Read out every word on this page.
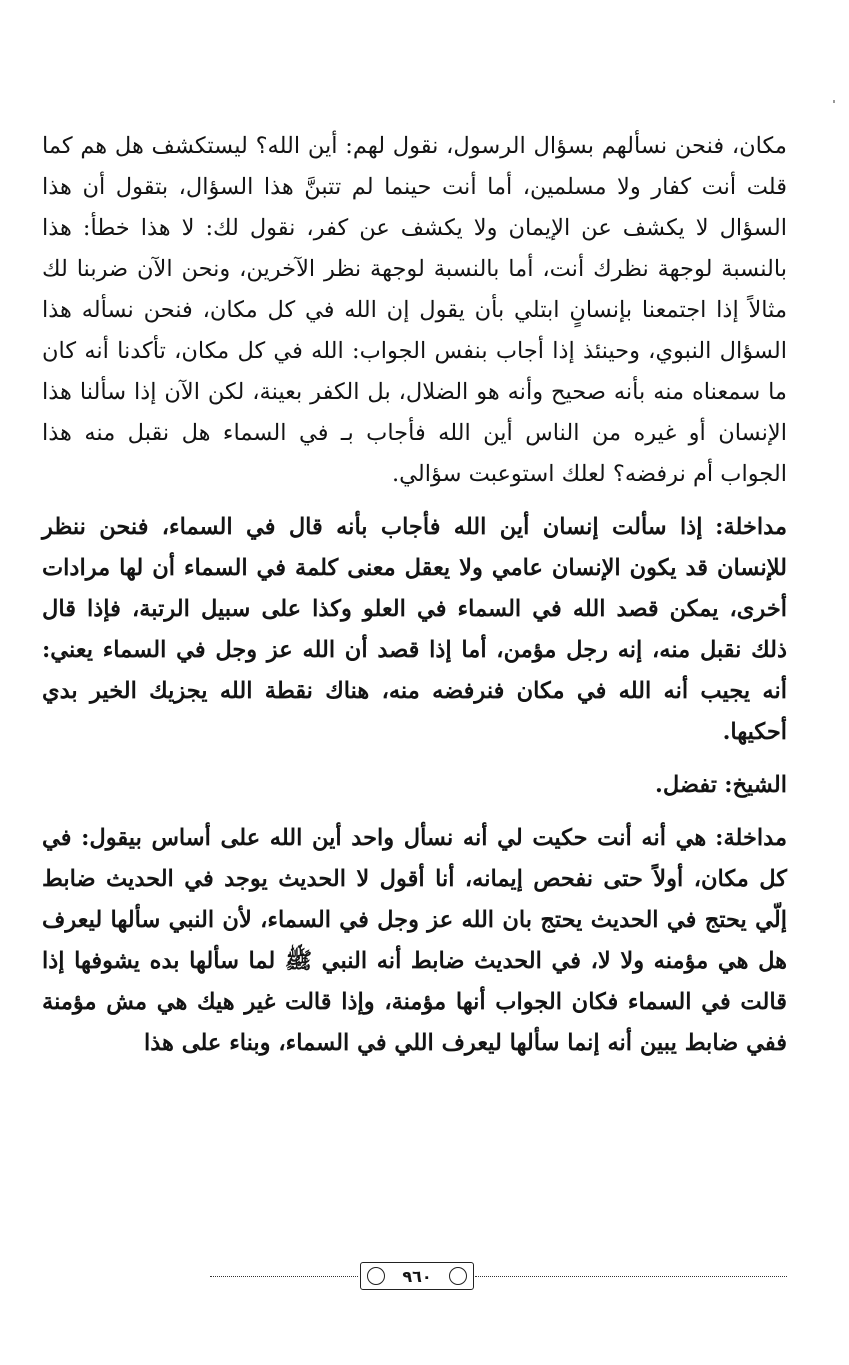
مكان، فنحن نسألهم بسؤال الرسول، نقول لهم: أين الله؟ ليستكشف هل هم كما قلت أنت كفار ولا مسلمين، أما أنت حينما لم تتبنَّ هذا السؤال، بتقول أن هذا السؤال لا يكشف عن الإيمان ولا يكشف عن كفر، نقول لك: لا هذا خطأ: هذا بالنسبة لوجهة نظرك أنت، أما بالنسبة لوجهة نظر الآخرين، ونحن الآن ضربنا لك مثالاً إذا اجتمعنا بإنسانٍ ابتلي بأن يقول إن الله في كل مكان، فنحن نسأله هذا السؤال النبوي، وحينئذ إذا أجاب بنفس الجواب: الله في كل مكان، تأكدنا أنه كان ما سمعناه منه بأنه صحيح وأنه هو الضلال، بل الكفر بعينة، لكن الآن إذا سألنا هذا الإنسان أو غيره من الناس أين الله فأجاب بـ في السماء هل نقبل منه هذا الجواب أم نرفضه؟ لعلك استوعبت سؤالي.

مداخلة: إذا سألت إنسان أين الله فأجاب بأنه قال في السماء، فنحن ننظر للإنسان قد يكون الإنسان عامي ولا يعقل معنى كلمة في السماء أن لها مرادات أخرى، يمكن قصد الله في السماء في العلو وكذا على سبيل الرتبة، فإذا قال ذلك نقبل منه، إنه رجل مؤمن، أما إذا قصد أن الله عز وجل في السماء يعني: أنه يجيب أنه الله في مكان فنرفضه منه، هناك نقطة الله يجزيك الخير بدي أحكيها.

الشيخ: تفضل.

مداخلة: هي أنه أنت حكيت لي أنه نسأل واحد أين الله على أساس بيقول: في كل مكان، أولاً حتى نفحص إيمانه، أنا أقول لا الحديث يوجد في الحديث ضابط إلّي يحتج في الحديث يحتج بان الله عز وجل في السماء، لأن النبي سألها ليعرف هل هي مؤمنه ولا لا، في الحديث ضابط أنه النبي ﷺ لما سألها بده يشوفها إذا قالت في السماء فكان الجواب أنها مؤمنة، وإذا قالت غير هيك هي مش مؤمنة ففي ضابط يبين أنه إنما سألها ليعرف اللي في السماء، وبناء على هذا

٩٦٠
